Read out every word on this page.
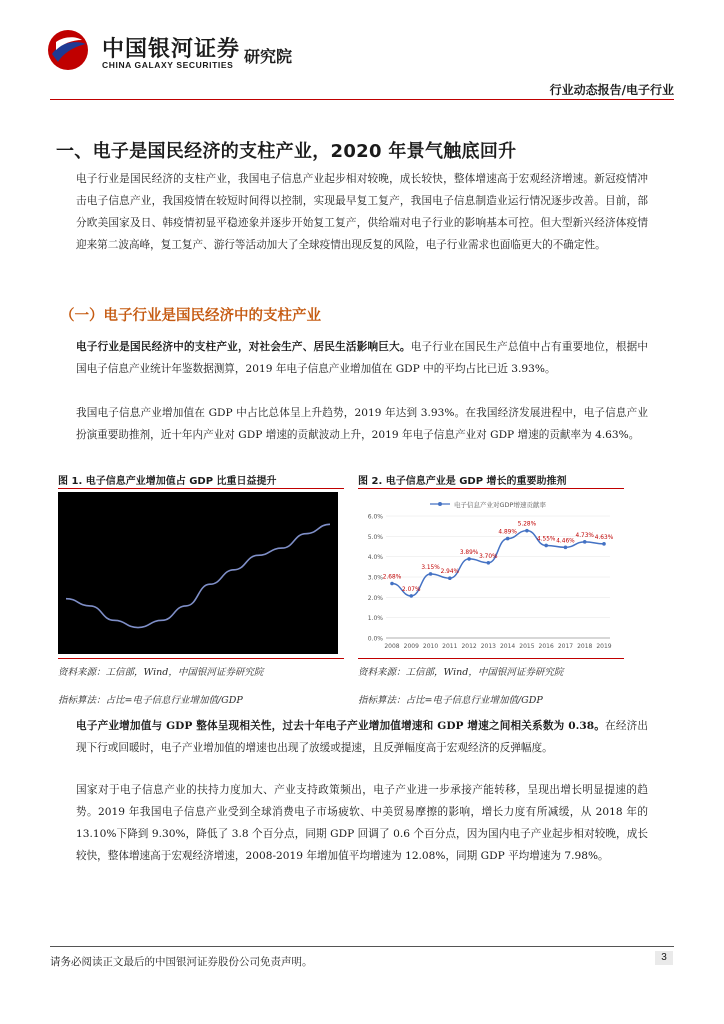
中国银河证券
CHINA GALAXY SECURITIES 研究院
行业动态报告/电子行业
一、电子是国民经济的支柱产业，2020 年景气触底回升
电子行业是国民经济的支柱产业，我国电子信息产业起步相对较晚，成长较快，整体增速高于宏观经济增速。新冠疫情冲击电子信息产业，我国疫情在较短时间得以控制，实现最早复工复产，我国电子信息制造业运行情况逐步改善。目前，部分欧美国家及日、韩疫情初显平稳迹象并逐步开始复工复产，供给端对电子行业的影响基本可控。但大型新兴经济体疫情迎来第二波高峰，复工复产、游行等活动加大了全球疫情出现反复的风险，电子行业需求也面临更大的不确定性。
（一）电子行业是国民经济中的支柱产业
电子行业是国民经济中的支柱产业，对社会生产、居民生活影响巨大。电子行业在国民生产总值中占有重要地位，根据中国电子信息产业统计年鉴数据测算，2019 年电子信息产业增加值在 GDP 中的平均占比已近 3.93%。
我国电子信息产业增加值在 GDP 中占比总体呈上升趋势，2019 年达到 3.93%。在我国经济发展进程中，电子信息产业扮演重要助推剂，近十年内产业对 GDP 增速的贡献波动上升，2019 年电子信息产业对 GDP 增速的贡献率为 4.63%。
图 1. 电子信息产业增加值占 GDP 比重日益提升	图 2. 电子信息产业是 GDP 增长的重要助推剂
电子信息产业对GDP增速贡献率
0.0%
1.0%
2.0%
3.0%
4.0%
5.0%
6.0%
2008 2009 2010 2011 2012 2013 2014 2015 2016 2017 2018 2019
2.68%
2.07%
3.15%
2.94%
3.89%
3.70%
4.89%
5.28%
4.55% 4.46%
4.73% 4.63%
资料来源：工信部，Wind，中国银河证券研究院	资料来源：工信部，Wind，中国银河证券研究院
指标算法：占比=电子信息行业增加值/GDP	指标算法：占比=电子信息行业增加值/GDP
电子产业增加值与 GDP 整体呈现相关性，过去十年电子产业增加值增速和 GDP 增速之间相关系数为 0.38。在经济出现下行或回暖时，电子产业增加值的增速也出现了放缓或提速，且反弹幅度高于宏观经济的反弹幅度。
国家对于电子信息产业的扶持力度加大、产业支持政策频出，电子产业进一步承接产能转移，呈现出增长明显提速的趋势。2019 年我国电子信息产业受到全球消费电子市场疲软、中美贸易摩擦的影响，增长力度有所减缓，从 2018 年的 13.10%下降到 9.30%，降低了 3.8 个百分点，同期 GDP 回调了 0.6 个百分点，因为国内电子产业起步相对较晚，成长较快，整体增速高于宏观经济增速，2008-2019 年增加值平均增速为 12.08%，同期 GDP 平均增速为 7.98%。
请务必阅读正文最后的中国银河证券股份公司免责声明。	3
